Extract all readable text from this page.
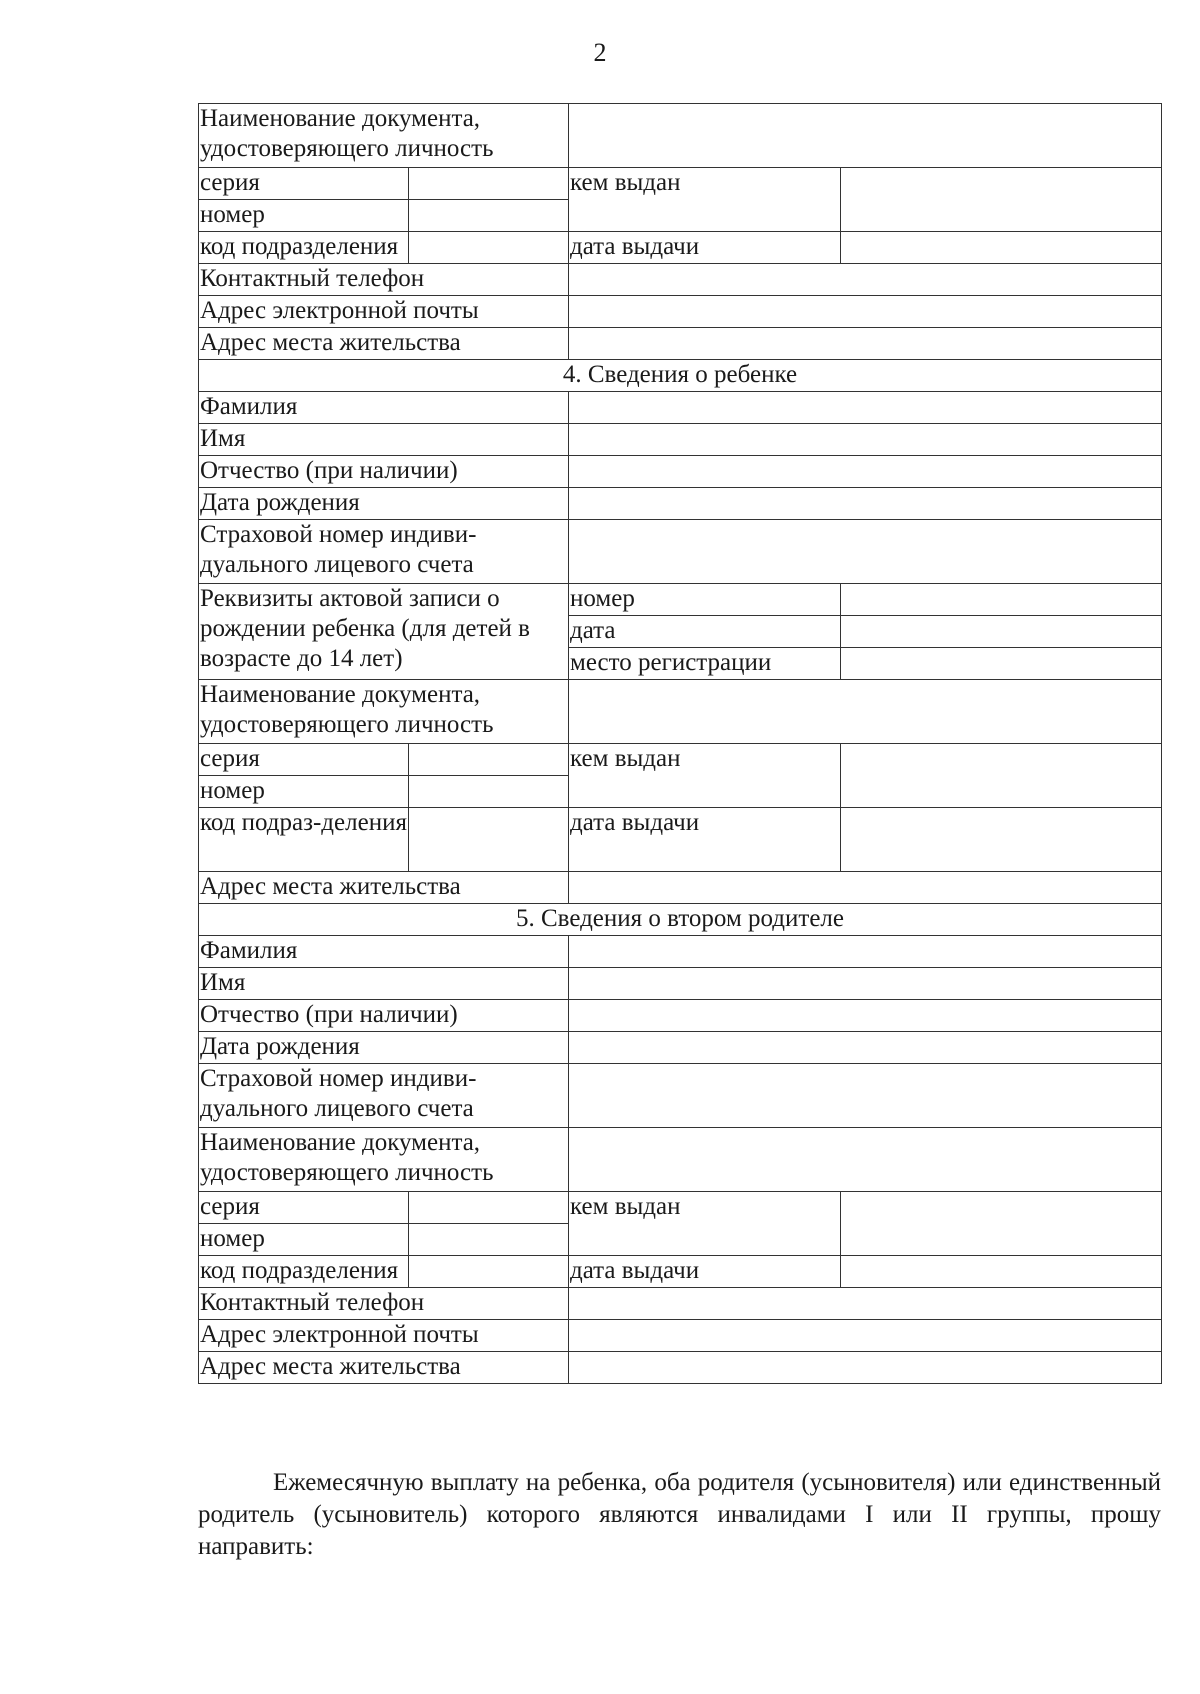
2
Наименование документа, удостоверяющего личность			
серия		кем выдан	
номер			
код подразделения		дата выдачи	
Контактный телефон			
Адрес электронной почты			
Адрес места жительства			
4. Сведения о ребенке			
Фамилия			
Имя			
Отчество (при наличии)			
Дата рождения			
Страховой номер индиви-дуального лицевого счета			
Реквизиты актовой записи о рождении ребенка (для детей в возрасте до 14 лет)		номер	
		дата	
		место регистрации	
Наименование документа, удостоверяющего личность			
серия		кем выдан	
номер			
код подраз-деления		дата выдачи	
Адрес места жительства			
5. Сведения о втором родителе			
Фамилия			
Имя			
Отчество (при наличии)			
Дата рождения			
Страховой номер индиви-дуального лицевого счета			
Наименование документа, удостоверяющего личность			
серия		кем выдан	
номер			
код подразделения		дата выдачи	
Контактный телефон			
Адрес электронной почты			
Адрес места жительства			

Ежемесячную выплату на ребенка, оба родителя (усыновителя) или единственный родитель (усыновитель) которого являются инвалидами I или II группы, прошу направить:
